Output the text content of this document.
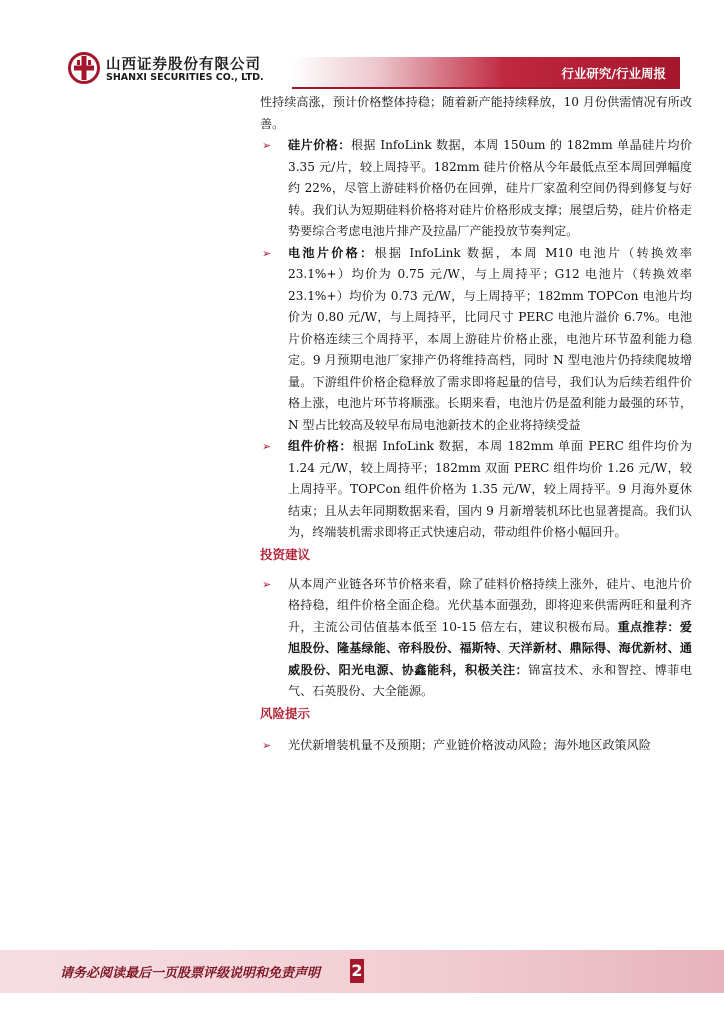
山西证券股份有限公司
SHANXI SECURITIES CO., LTD.	行业研究/行业周报

性持续高涨，预计价格整体持稳；随着新产能持续释放，10 月份供需情况有所改善。

➢ 硅片价格：根据 InfoLink 数据，本周 150um 的 182mm 单晶硅片均价 3.35 元/片，较上周持平。182mm 硅片价格从今年最低点至本周回弹幅度约 22%，尽管上游硅料价格仍在回弹，硅片厂家盈利空间仍得到修复与好转。我们认为短期硅料价格将对硅片价格形成支撑；展望后势，硅片价格走势要综合考虑电池片排产及拉晶厂产能投放节奏判定。

➢ 电池片价格：根据 InfoLink 数据，本周 M10 电池片（转换效率 23.1%+）均价为 0.75 元/W，与上周持平；G12 电池片（转换效率 23.1%+）均价为 0.73 元/W，与上周持平；182mm TOPCon 电池片均价为 0.80 元/W，与上周持平，比同尺寸 PERC 电池片溢价 6.7%。电池片价格连续三个周持平，本周上游硅片价格止涨，电池片环节盈利能力稳定。9 月预期电池厂家排产仍将维持高档，同时 N 型电池片仍持续爬坡增量。下游组件价格企稳释放了需求即将起量的信号，我们认为后续若组件价格上涨，电池片环节将顺涨。长期来看，电池片仍是盈利能力最强的环节，N 型占比较高及较早布局电池新技术的企业将持续受益

➢ 组件价格：根据 InfoLink 数据，本周 182mm 单面 PERC 组件均价为 1.24 元/W，较上周持平；182mm 双面 PERC 组件均价 1.26 元/W，较上周持平。TOPCon 组件价格为 1.35 元/W，较上周持平。9 月海外夏休结束；且从去年同期数据来看，国内 9 月新增装机环比也显著提高。我们认为，终端装机需求即将正式快速启动，带动组件价格小幅回升。

投资建议

➢ 从本周产业链各环节价格来看，除了硅料价格持续上涨外，硅片、电池片价格持稳，组件价格全面企稳。光伏基本面强劲，即将迎来供需两旺和量利齐升，主流公司估值基本低至 10-15 倍左右，建议积极布局。重点推荐：爱旭股份、隆基绿能、帝科股份、福斯特、天洋新材、鼎际得、海优新材、通威股份、阳光电源、协鑫能科，积极关注：锦富技术、永和智控、博菲电气、石英股份、大全能源。

风险提示

➢ 光伏新增装机量不及预期；产业链价格波动风险；海外地区政策风险

请务必阅读最后一页股票评级说明和免责声明 2
